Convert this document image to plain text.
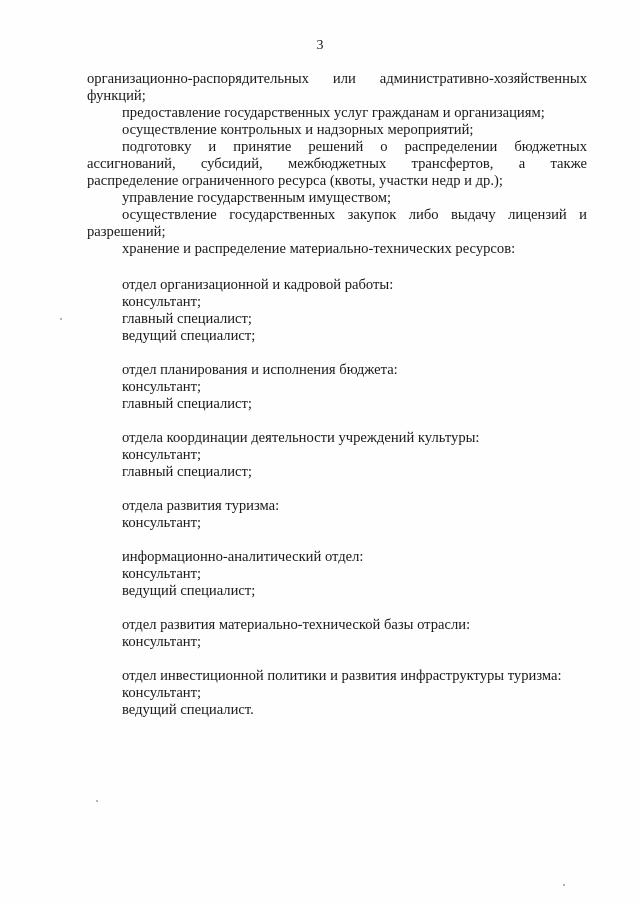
3
организационно-распорядительных или административно-хозяйственных
функций;
предоставление государственных услуг гражданам и организациям;
осуществление контрольных и надзорных мероприятий;
подготовку и принятие решений о распределении бюджетных
ассигнований, субсидий, межбюджетных трансфертов, а также
распределение ограниченного ресурса (квоты, участки недр и др.);
управление государственным имуществом;
осуществление государственных закупок либо выдачу лицензий и
разрешений;
хранение и распределение материально-технических ресурсов:
отдел организационной и кадровой работы:
консультант;
главный специалист;
ведущий специалист;
отдел планирования и исполнения бюджета:
консультант;
главный специалист;
отдела координации деятельности учреждений культуры:
консультант;
главный специалист;
отдела развития туризма:
консультант;
информационно-аналитический отдел:
консультант;
ведущий специалист;
отдел развития материально-технической базы отрасли:
консультант;
отдел инвестиционной политики и развития инфраструктуры туризма:
консультант;
ведущий специалист.
